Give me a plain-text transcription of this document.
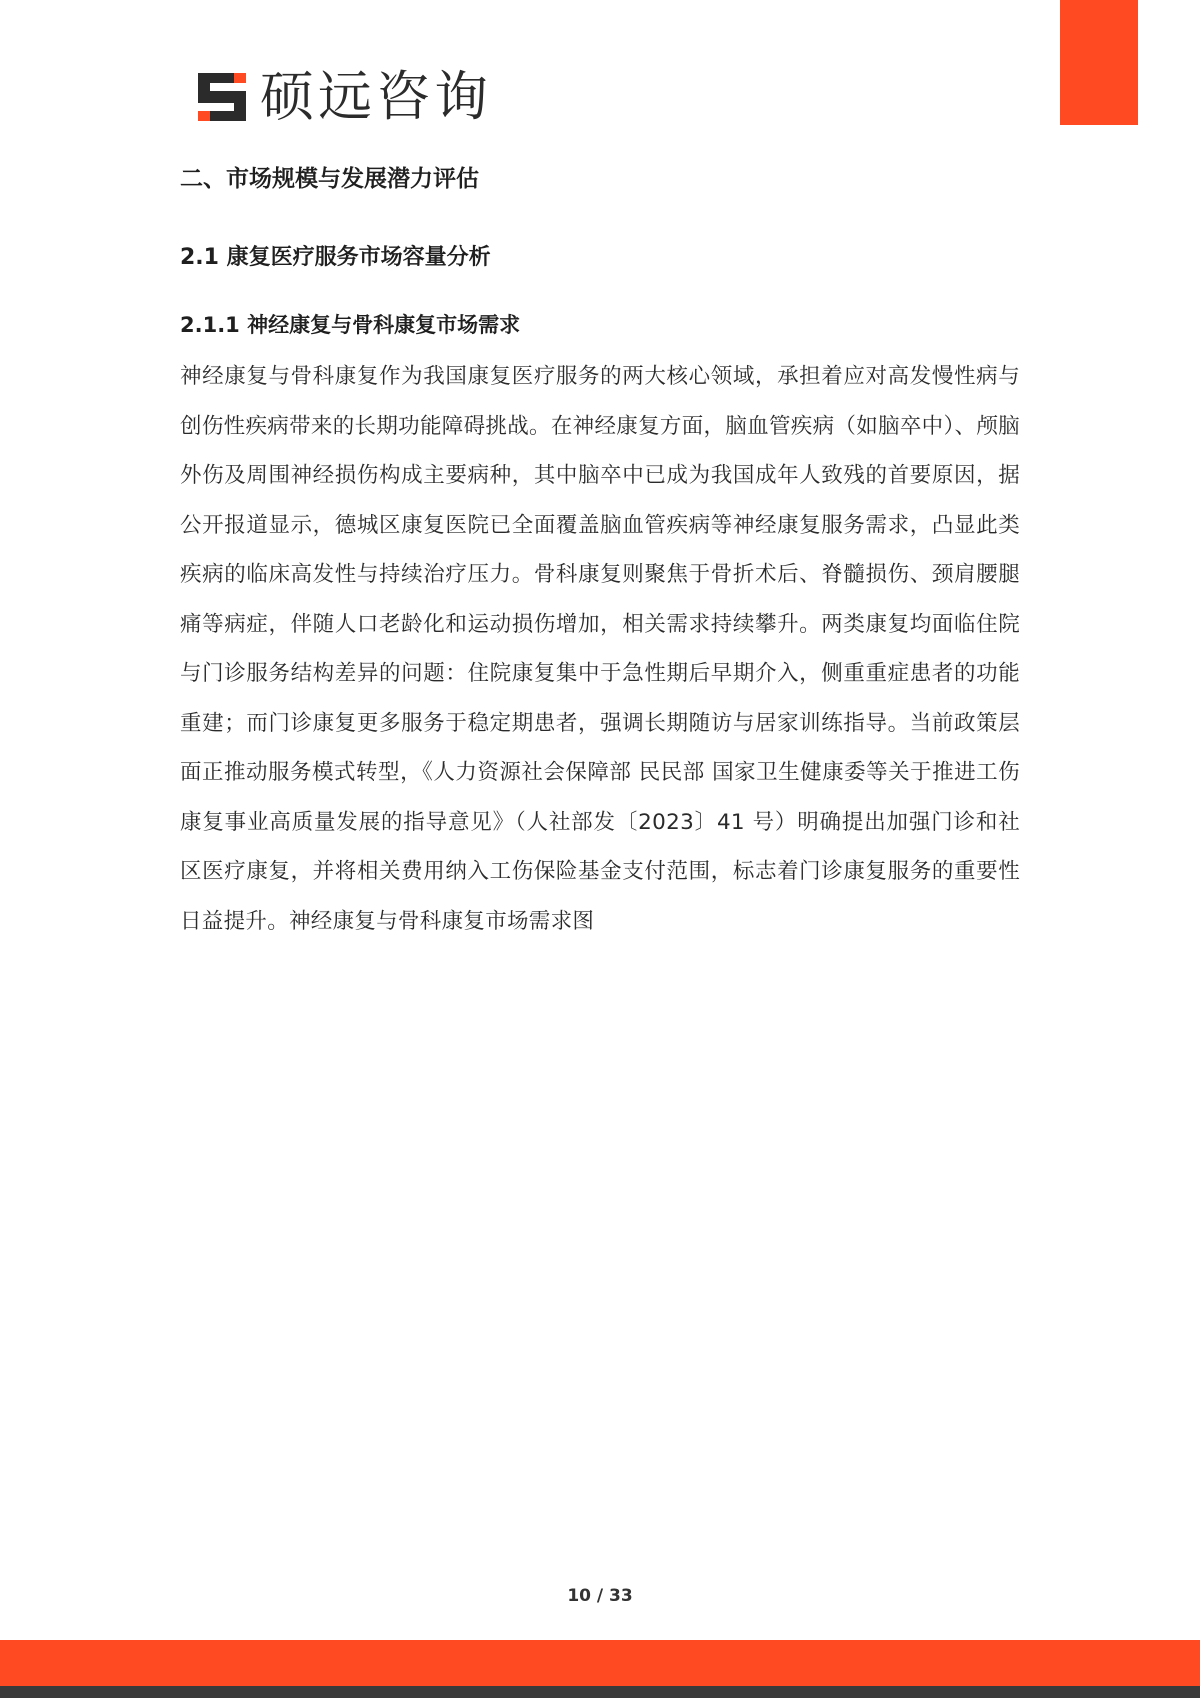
硕远咨询
二、市场规模与发展潜力评估
2.1 康复医疗服务市场容量分析
2.1.1 神经康复与骨科康复市场需求

神经康复与骨科康复作为我国康复医疗服务的两大核心领域，承担着应对高发慢性病与创伤性疾病带来的长期功能障碍挑战。在神经康复方面，脑血管疾病（如脑卒中）、颅脑外伤及周围神经损伤构成主要病种，其中脑卒中已成为我国成年人致残的首要原因，据公开报道显示，德城区康复医院已全面覆盖脑血管疾病等神经康复服务需求，凸显此类疾病的临床高发性与持续治疗压力。骨科康复则聚焦于骨折术后、脊髓损伤、颈肩腰腿痛等病症，伴随人口老龄化和运动损伤增加，相关需求持续攀升。两类康复均面临住院与门诊服务结构差异的问题：住院康复集中于急性期后早期介入，侧重重症患者的功能重建；而门诊康复更多服务于稳定期患者，强调长期随访与居家训练指导。当前政策层面正推动服务模式转型，《人力资源社会保障部 民民部 国家卫生健康委等关于推进工伤康复事业高质量发展的指导意见》（人社部发〔2023〕41 号）明确提出加强门诊和社区医疗康复，并将相关费用纳入工伤保险基金支付范围，标志着门诊康复服务的重要性日益提升。神经康复与骨科康复市场需求图

10 / 33
